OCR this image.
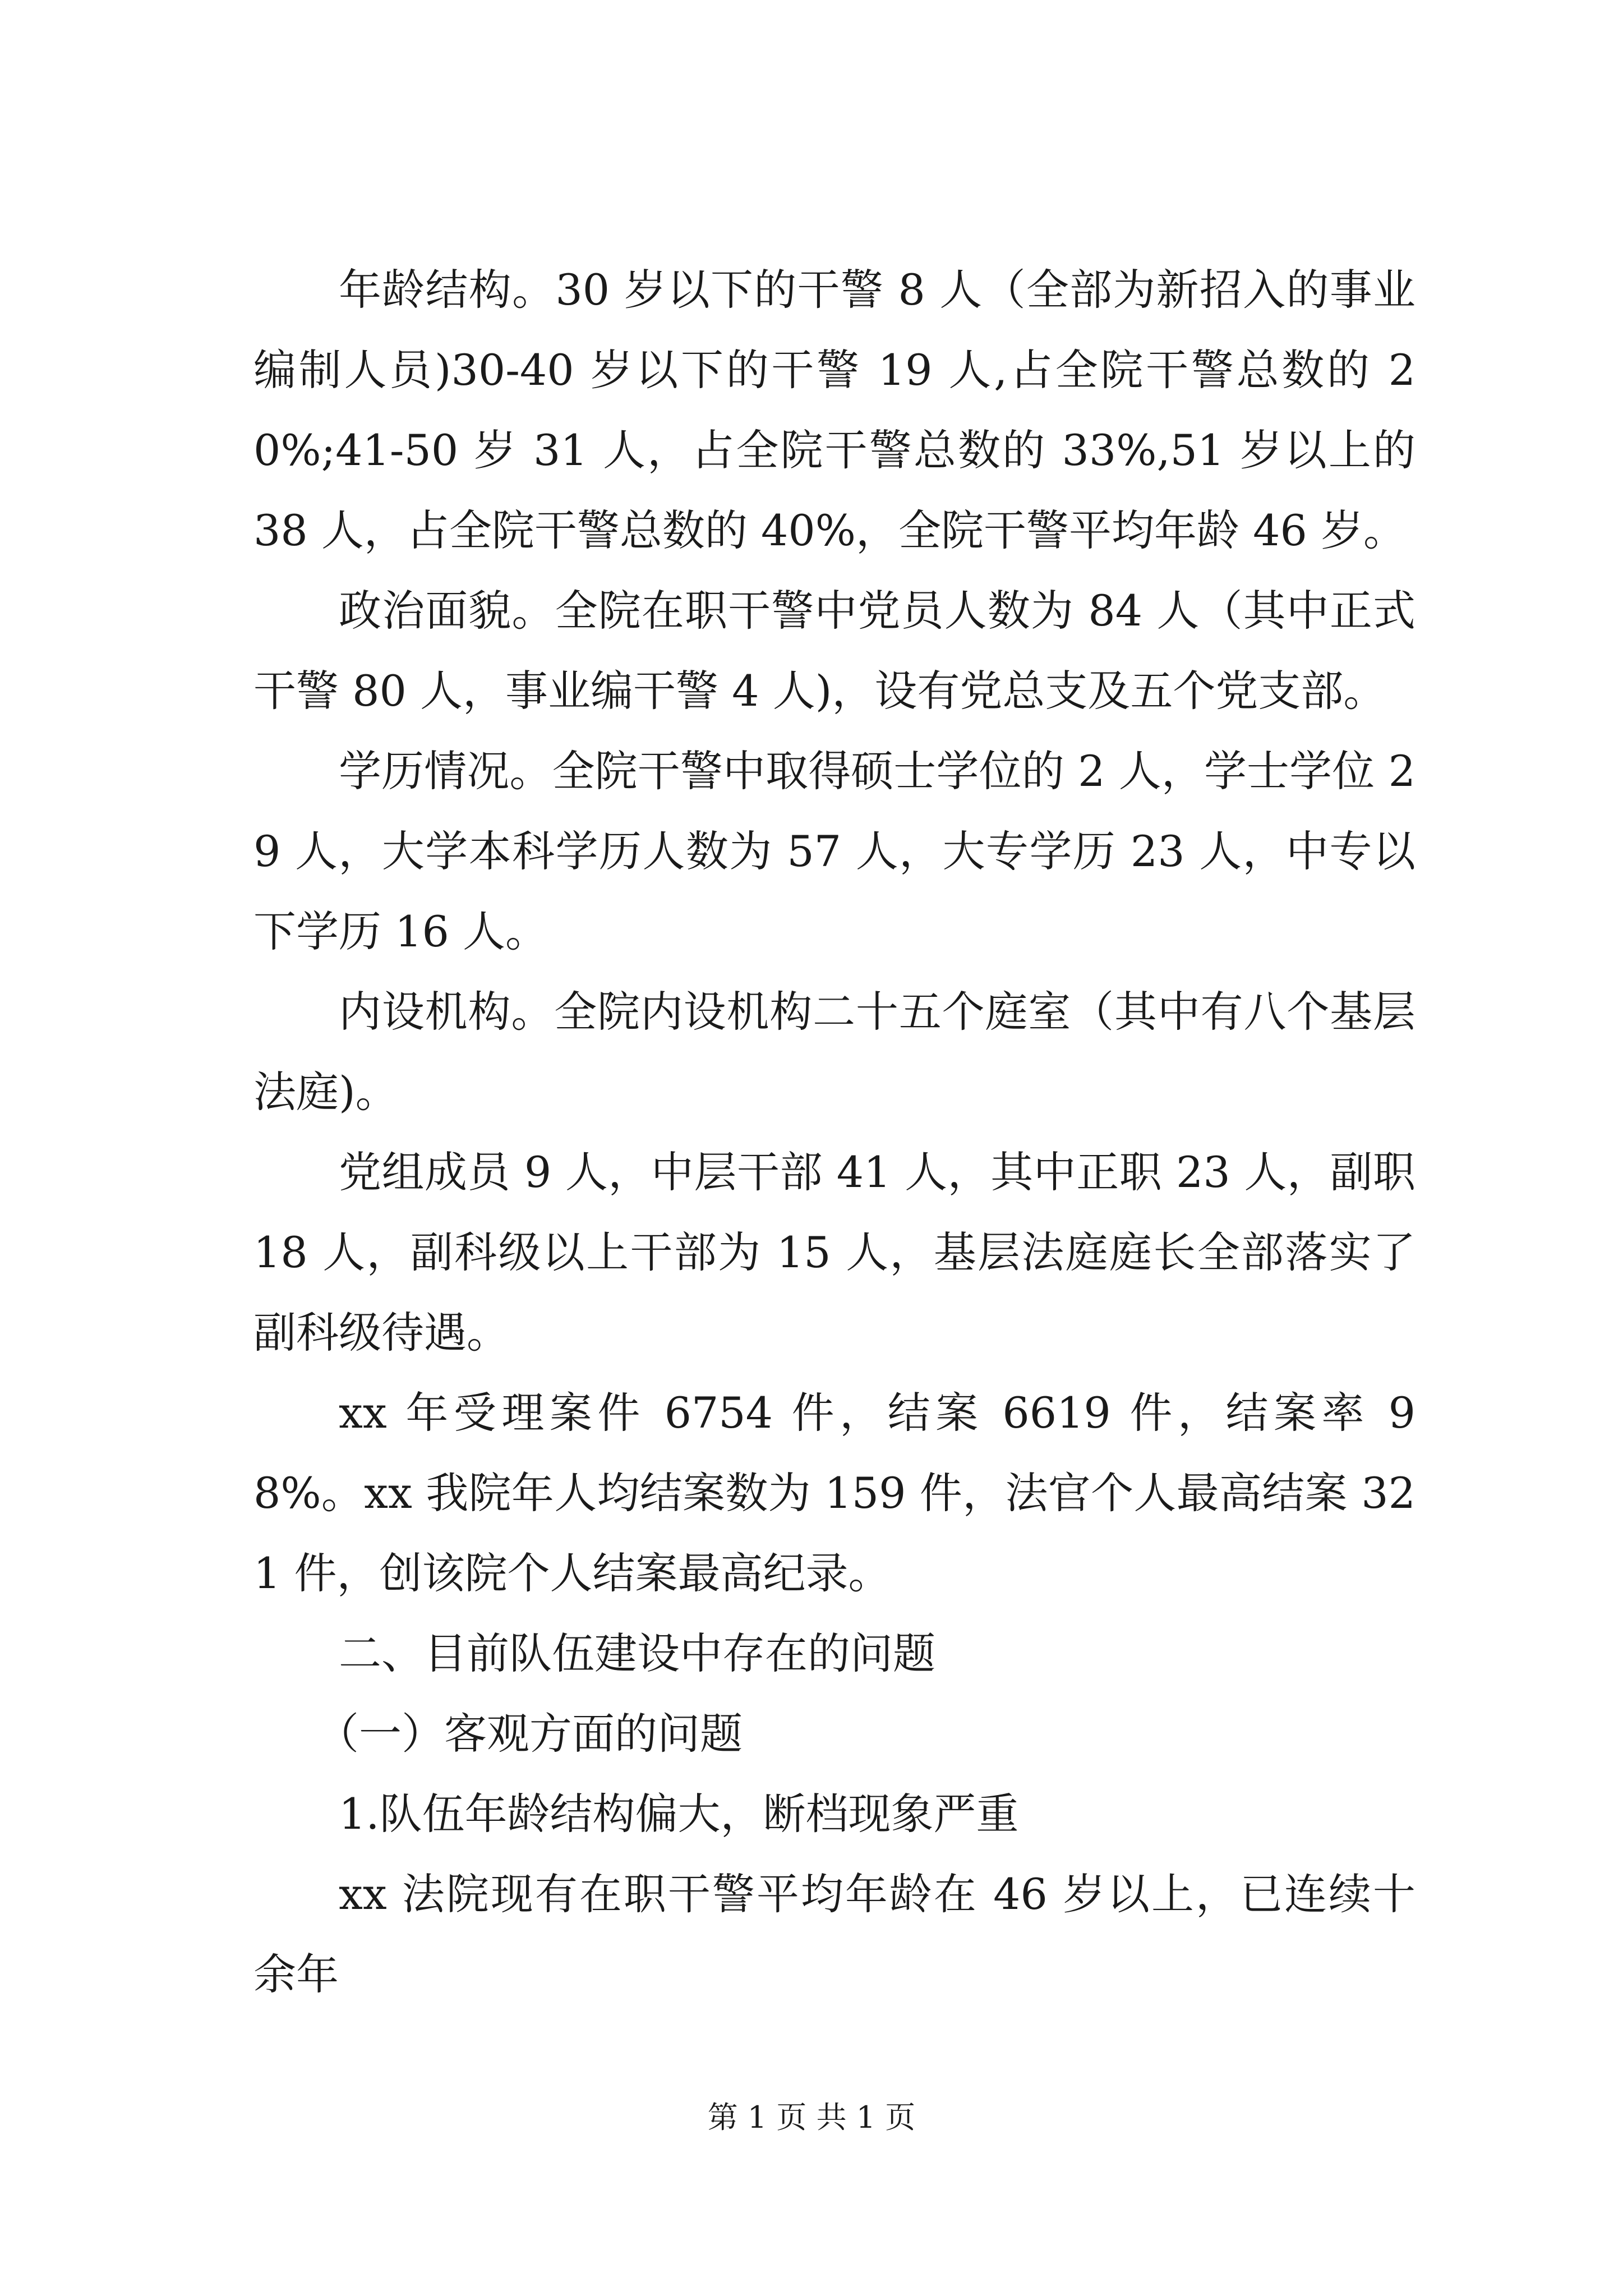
年龄结构。30 岁以下的干警 8 人（全部为新招入的事业编制人员)30-40 岁以下的干警 19 人,占全院干警总数的 20%;41-50 岁 31 人，占全院干警总数的 33%,51 岁以上的 38 人，占全院干警总数的 40%，全院干警平均年龄 46 岁。

政治面貌。全院在职干警中党员人数为 84 人（其中正式干警 80 人，事业编干警 4 人)，设有党总支及五个党支部。

学历情况。全院干警中取得硕士学位的 2 人，学士学位 29 人，大学本科学历人数为 57 人，大专学历 23 人，中专以下学历 16 人。

内设机构。全院内设机构二十五个庭室（其中有八个基层法庭)。

党组成员 9 人，中层干部 41 人，其中正职 23 人，副职 18 人，副科级以上干部为 15 人，基层法庭庭长全部落实了副科级待遇。

xx 年受理案件 6754 件，结案 6619 件，结案率 98%。xx 我院年人均结案数为 159 件，法官个人最高结案 321 件，创该院个人结案最高纪录。

二、目前队伍建设中存在的问题

（一）客观方面的问题

1.队伍年龄结构偏大，断档现象严重

xx 法院现有在职干警平均年龄在 46 岁以上，已连续十余年

第 1 页 共 1 页
